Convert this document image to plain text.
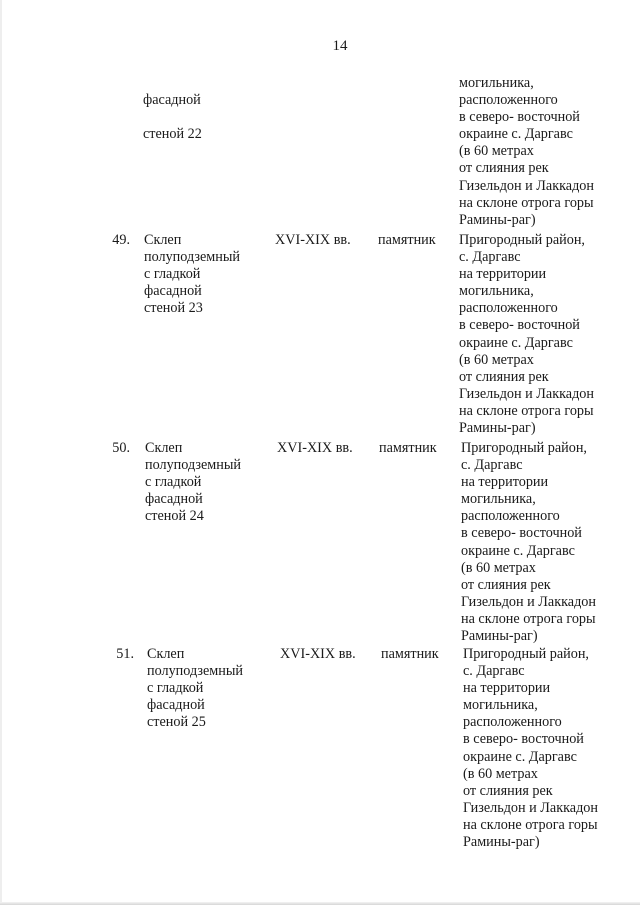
14

фасадной

стеной 22

могильника,
расположенного
в северо- восточной
окраине с. Даргавс
(в 60 метрах
от слияния рек
Гизельдон и Лаккадон
на склоне отрога горы
Рамины-раг)
49. Склеп
полуподземный
с гладкой
фасадной
стеной 23
XVI-XIX вв. памятник Пригородный район,
с. Даргавс
на территории
могильника,
расположенного
в северо- восточной
окраине с. Даргавс
(в 60 метрах
от слияния рек
Гизельдон и Лаккадон
на склоне отрога горы
Рамины-раг)
50. Склеп
полуподземный
с гладкой
фасадной
стеной 24
XVI-XIX вв. памятник Пригородный район,
с. Даргавс
на территории
могильника,
расположенного
в северо- восточной
окраине с. Даргавс
(в 60 метрах
от слияния рек
Гизельдон и Лаккадон
на склоне отрога горы
Рамины-раг)
51. Склеп
полуподземный
с гладкой
фасадной
стеной 25
XVI-XIX вв. памятник Пригородный район,
с. Даргавс
на территории
могильника,
расположенного
в северо- восточной
окраине с. Даргавс
(в 60 метрах
от слияния рек
Гизельдон и Лаккадон
на склоне отрога горы
Рамины-раг)
